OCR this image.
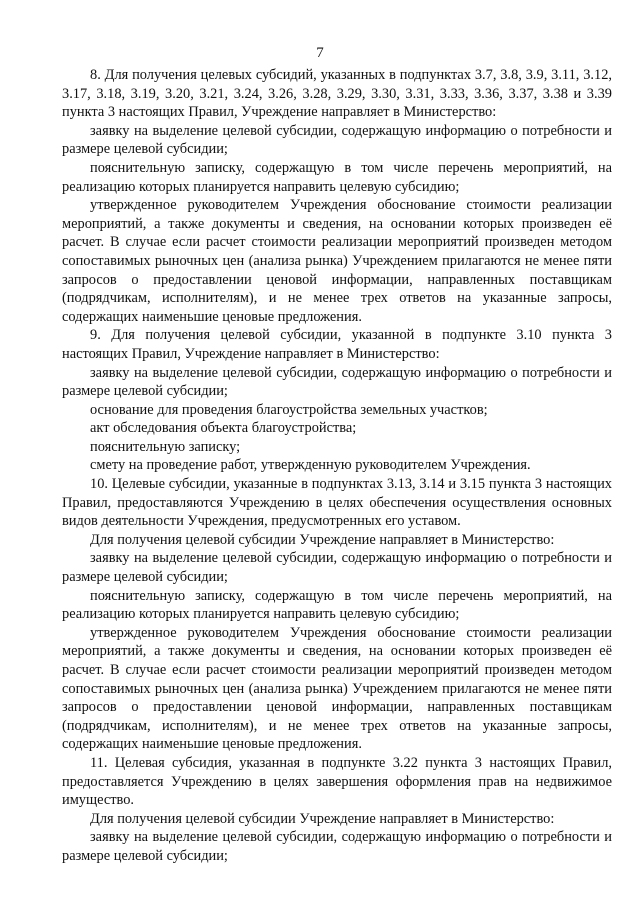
7

8. Для получения целевых субсидий, указанных в подпунктах 3.7, 3.8, 3.9, 3.11, 3.12, 3.17, 3.18, 3.19, 3.20, 3.21, 3.24, 3.26, 3.28, 3.29, 3.30, 3.31, 3.33, 3.36, 3.37, 3.38 и 3.39 пункта 3 настоящих Правил, Учреждение направляет в Министерство:

заявку на выделение целевой субсидии, содержащую информацию о потребности и размере целевой субсидии;

пояснительную записку, содержащую в том числе перечень мероприятий, на реализацию которых планируется направить целевую субсидию;

утвержденное руководителем Учреждения обоснование стоимости реализации мероприятий, а также документы и сведения, на основании которых произведен её расчет. В случае если расчет стоимости реализации мероприятий произведен методом сопоставимых рыночных цен (анализа рынка) Учреждением прилагаются не менее пяти запросов о предоставлении ценовой информации, направленных поставщикам (подрядчикам, исполнителям), и не менее трех ответов на указанные запросы, содержащих наименьшие ценовые предложения.

9. Для получения целевой субсидии, указанной в подпункте 3.10 пункта 3 настоящих Правил, Учреждение направляет в Министерство:

заявку на выделение целевой субсидии, содержащую информацию о потребности и размере целевой субсидии;

основание для проведения благоустройства земельных участков;

акт обследования объекта благоустройства;

пояснительную записку;

смету на проведение работ, утвержденную руководителем Учреждения.

10. Целевые субсидии, указанные в подпунктах 3.13, 3.14 и 3.15 пункта 3 настоящих Правил, предоставляются Учреждению в целях обеспечения осуществления основных видов деятельности Учреждения, предусмотренных его уставом.

Для получения целевой субсидии Учреждение направляет в Министерство:

заявку на выделение целевой субсидии, содержащую информацию о потребности и размере целевой субсидии;

пояснительную записку, содержащую в том числе перечень мероприятий, на реализацию которых планируется направить целевую субсидию;

утвержденное руководителем Учреждения обоснование стоимости реализации мероприятий, а также документы и сведения, на основании которых произведен её расчет. В случае если расчет стоимости реализации мероприятий произведен методом сопоставимых рыночных цен (анализа рынка) Учреждением прилагаются не менее пяти запросов о предоставлении ценовой информации, направленных поставщикам (подрядчикам, исполнителям), и не менее трех ответов на указанные запросы, содержащих наименьшие ценовые предложения.

11. Целевая субсидия, указанная в подпункте 3.22 пункта 3 настоящих Правил, предоставляется Учреждению в целях завершения оформления прав на недвижимое имущество.

Для получения целевой субсидии Учреждение направляет в Министерство:

заявку на выделение целевой субсидии, содержащую информацию о потребности и размере целевой субсидии;
